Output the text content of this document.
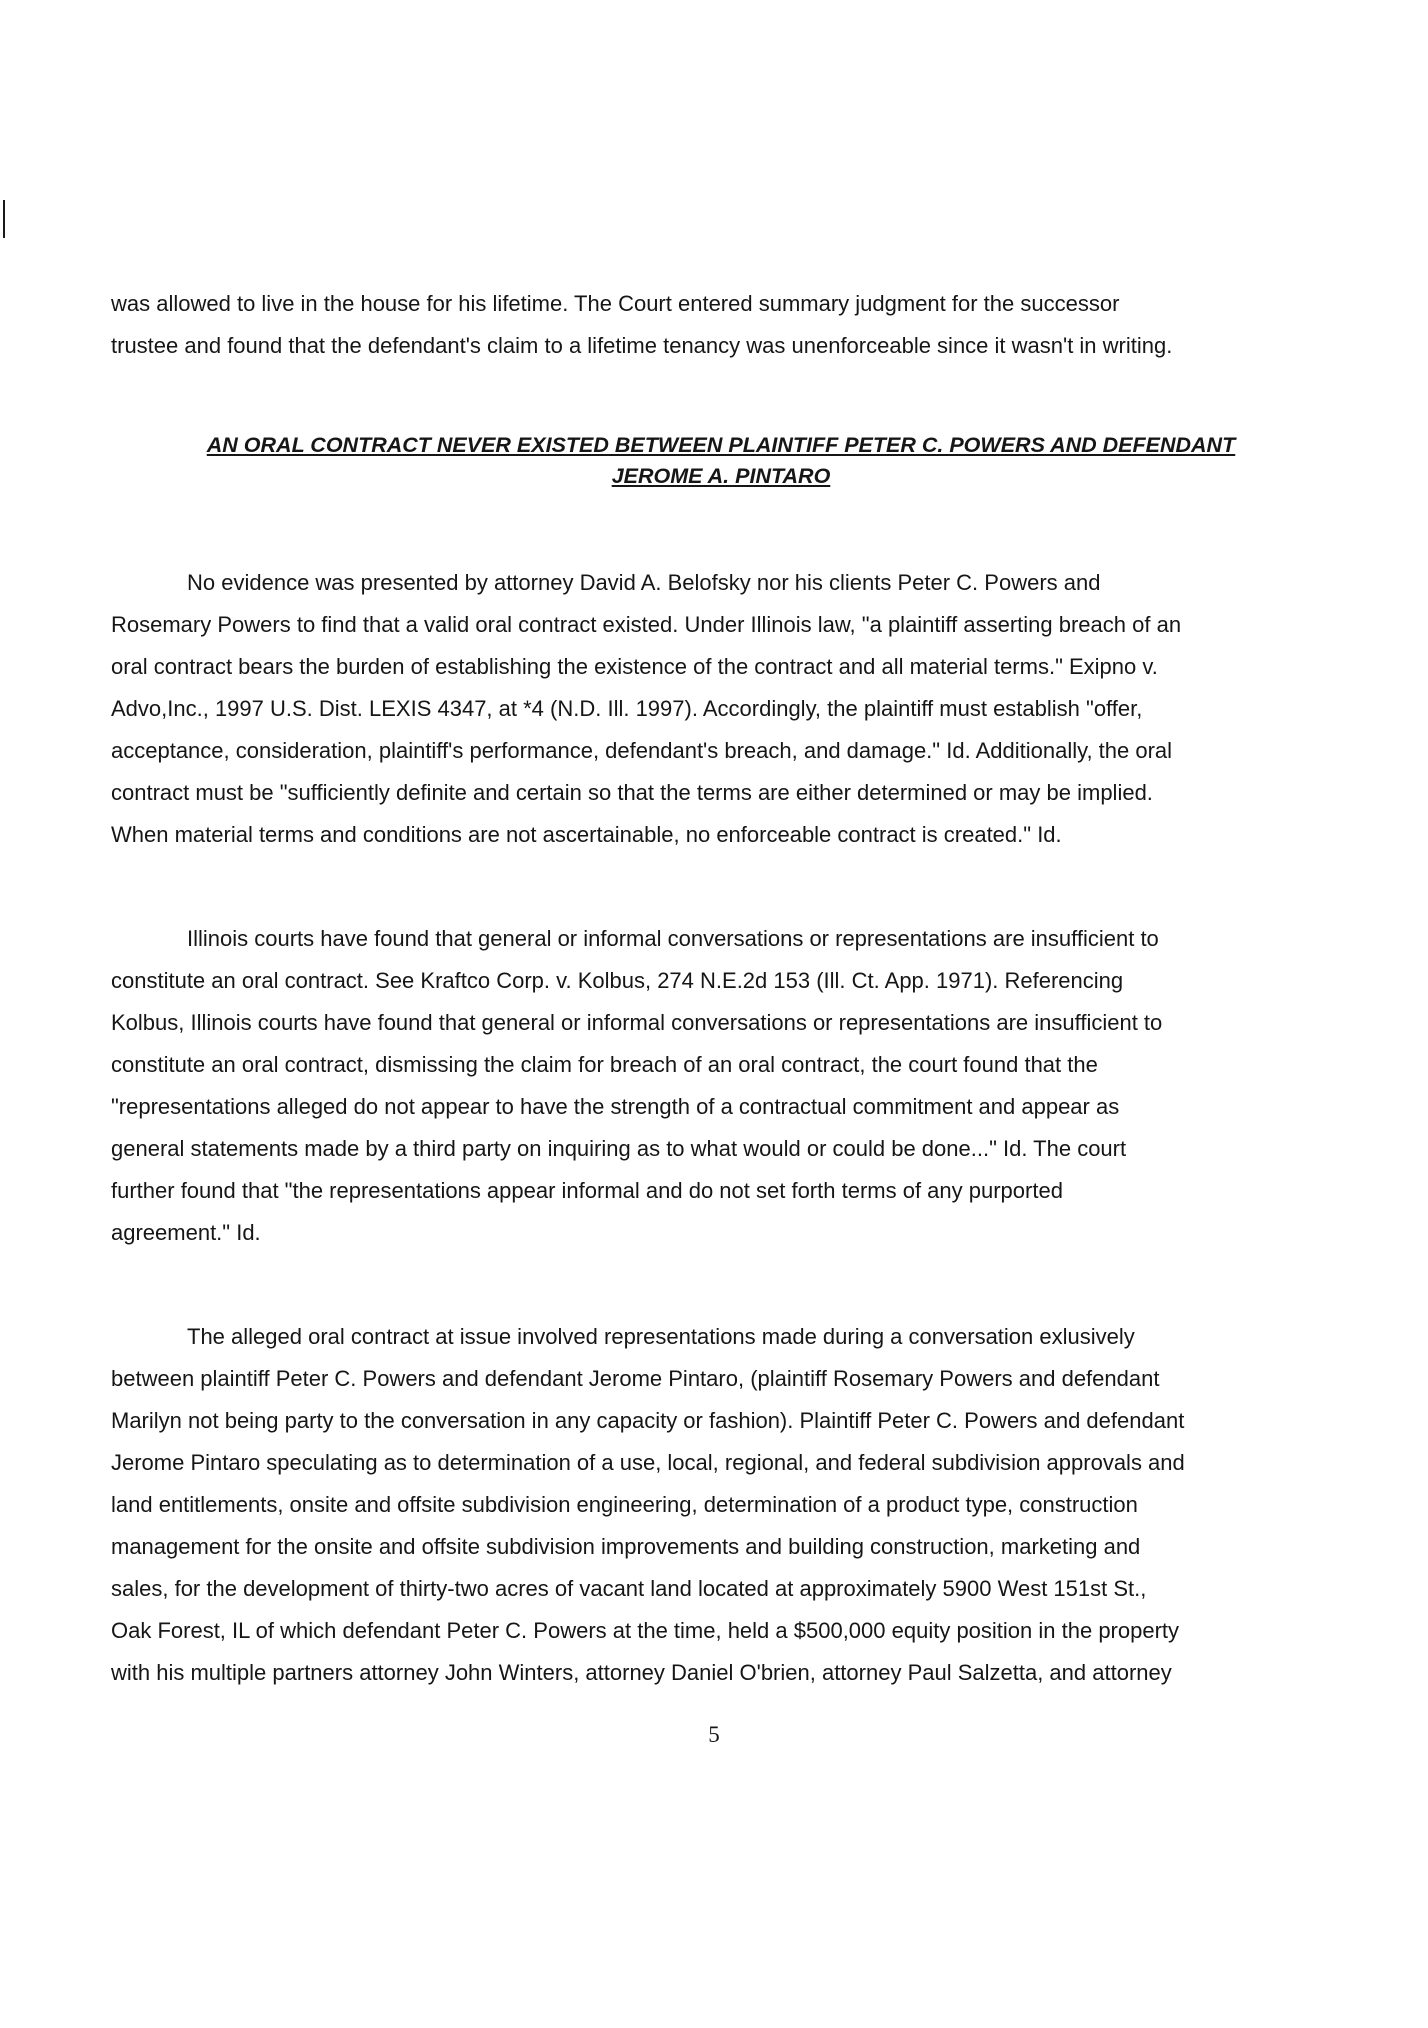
was allowed to live in the house for his lifetime. The Court entered summary judgment for the successor
trustee and found that the defendant's claim to a lifetime tenancy was unenforceable since it wasn't in writing.
AN ORAL CONTRACT NEVER EXISTED BETWEEN PLAINTIFF PETER C. POWERS AND DEFENDANT
JEROME A. PINTARO
No evidence was presented by attorney David A. Belofsky nor his clients Peter C. Powers and
Rosemary Powers to find that a valid oral contract existed. Under Illinois law, "a plaintiff asserting breach of an
oral contract bears the burden of establishing the existence of the contract and all material terms." Exipno v.
Advo,Inc., 1997 U.S. Dist. LEXIS 4347, at *4 (N.D. Ill. 1997). Accordingly, the plaintiff must establish "offer,
acceptance, consideration, plaintiff's performance, defendant's breach, and damage." Id. Additionally, the oral
contract must be "sufficiently definite and certain so that the terms are either determined or may be implied.
When material terms and conditions are not ascertainable, no enforceable contract is created." Id.
Illinois courts have found that general or informal conversations or representations are insufficient to
constitute an oral contract. See Kraftco Corp. v. Kolbus, 274 N.E.2d 153 (Ill. Ct. App. 1971). Referencing
Kolbus, Illinois courts have found that general or informal conversations or representations are insufficient to
constitute an oral contract, dismissing the claim for breach of an oral contract, the court found that the
"representations alleged do not appear to have the strength of a contractual commitment and appear as
general statements made by a third party on inquiring as to what would or could be done..." Id. The court
further found that "the representations appear informal and do not set forth terms of any purported
agreement." Id.
The alleged oral contract at issue involved representations made during a conversation exlusively
between plaintiff Peter C. Powers and defendant Jerome Pintaro, (plaintiff Rosemary Powers and defendant
Marilyn not being party to the conversation in any capacity or fashion). Plaintiff Peter C. Powers and defendant
Jerome Pintaro speculating as to determination of a use, local, regional, and federal subdivision approvals and
land entitlements, onsite and offsite subdivision engineering, determination of a product type, construction
management for the onsite and offsite subdivision improvements and building construction, marketing and
sales, for the development of thirty-two acres of vacant land located at approximately 5900 West 151st St.,
Oak Forest, IL of which defendant Peter C. Powers at the time, held a $500,000 equity position in the property
with his multiple partners attorney John Winters, attorney Daniel O'brien, attorney Paul Salzetta, and attorney
5
